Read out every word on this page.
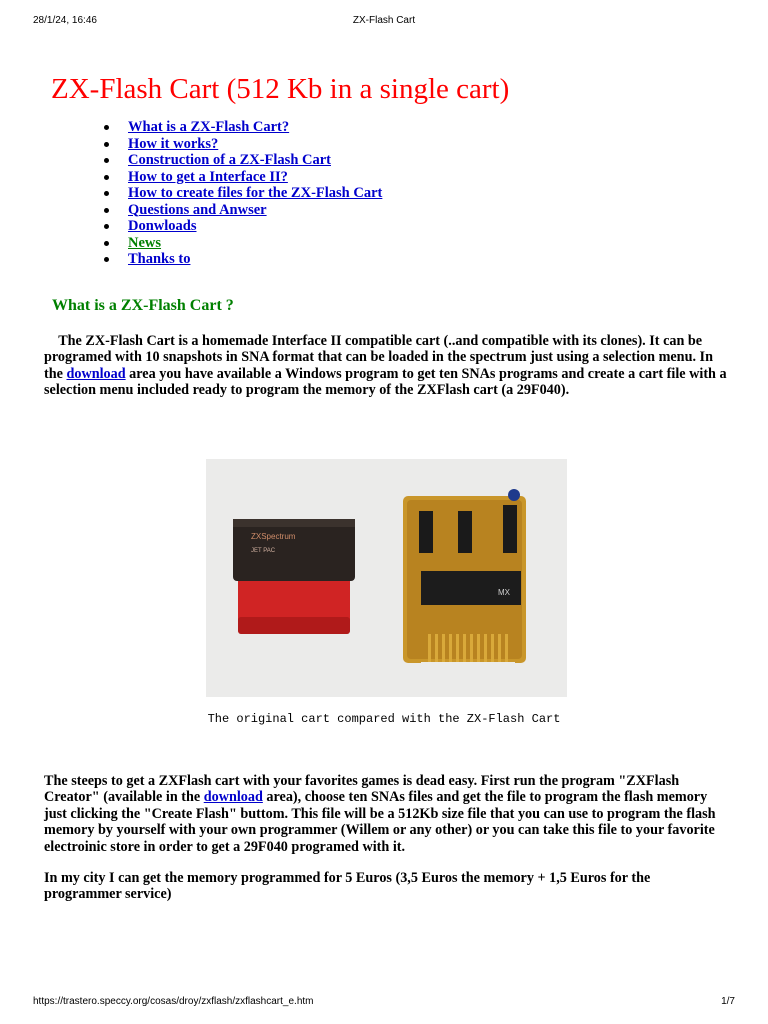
28/1/24, 16:46	ZX-Flash Cart
ZX-Flash Cart (512 Kb in a single cart)
What is a ZX-Flash Cart?
How it works?
Construction of a ZX-Flash Cart
How to get a Interface II?
How to create files for the ZX-Flash Cart
Questions and Anwser
Donwloads
News
Thanks to
What is a ZX-Flash Cart ?

The ZX-Flash Cart is a homemade Interface II compatible cart (..and compatible with its clones). It can be programed with 10 snapshots in SNA format that can be loaded in the spectrum just using a selection menu. In the download area you have available a Windows program to get ten SNAs programs and create a cart file with a selection menu included ready to program the memory of the ZXFlash cart (a 29F040).

ZXSpectrum
JET PAC
MX
The original cart compared with the ZX-Flash Cart

The steeps to get a ZXFlash cart with your favorites games is dead easy. First run the program "ZXFlash Creator" (available in the download area), choose ten SNAs files and get the file to program the flash memory just clicking the "Create Flash" buttom. This file will be a 512Kb size file that you can use to program the flash memory by yourself with your own programmer (Willem or any other) or you can take this file to your favorite electroinic store in order to get a 29F040 programed with it.

In my city I can get the memory programmed for 5 Euros (3,5 Euros the memory + 1,5 Euros for the programmer service)

https://trastero.speccy.org/cosas/droy/zxflash/zxflashcart_e.htm	1/7
